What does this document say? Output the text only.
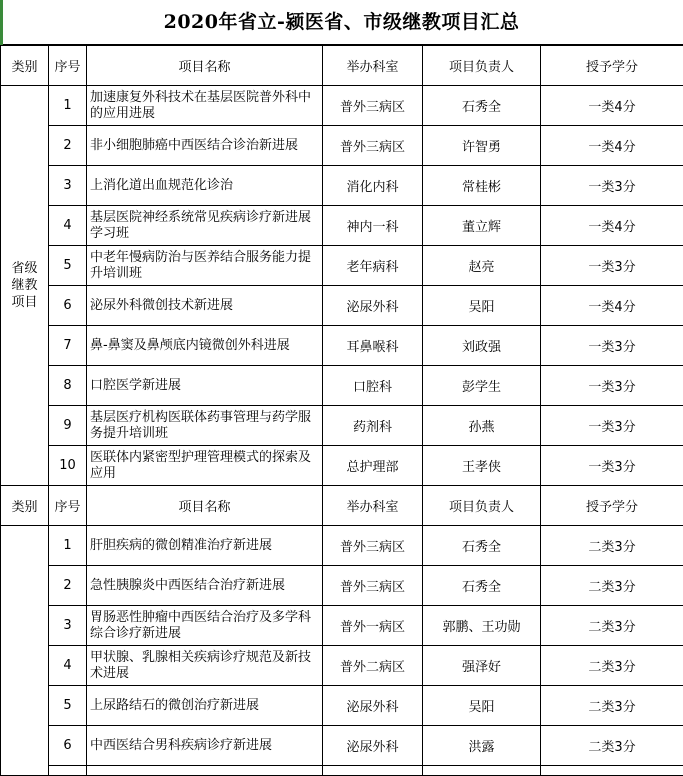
2020年省立-颍医省、市级继教项目汇总
类别	序号	项目名称	举办科室	项目负责人	授予学分
省级继教项目	1	加速康复外科技术在基层医院普外科中的应用进展	普外三病区	石秀全	一类4分
	2	非小细胞肺癌中西医结合诊治新进展	普外三病区	许智勇	一类4分
	3	上消化道出血规范化诊治	消化内科	常桂彬	一类3分
	4	基层医院神经系统常见疾病诊疗新进展学习班	神内一科	董立辉	一类4分
	5	中老年慢病防治与医养结合服务能力提升培训班	老年病科	赵亮	一类3分
	6	泌尿外科微创技术新进展	泌尿外科	吴阳	一类4分
	7	鼻-鼻窦及鼻颅底内镜微创外科进展	耳鼻喉科	刘政强	一类3分
	8	口腔医学新进展	口腔科	彭学生	一类3分
	9	基层医疗机构医联体药事管理与药学服务提升培训班	药剂科	孙燕	一类3分
	10	医联体内紧密型护理管理模式的探索及应用	总护理部	王孝侠	一类3分
类别	序号	项目名称	举办科室	项目负责人	授予学分
	1	肝胆疾病的微创精准治疗新进展	普外三病区	石秀全	二类3分
	2	急性胰腺炎中西医结合治疗新进展	普外三病区	石秀全	二类3分
	3	胃肠恶性肿瘤中西医结合治疗及多学科综合诊疗新进展	普外一病区	郭鹏、王功勋	二类3分
	4	甲状腺、乳腺相关疾病诊疗规范及新技术进展	普外二病区	强泽好	二类3分
	5	上尿路结石的微创治疗新进展	泌尿外科	吴阳	二类3分
	6	中西医结合男科疾病诊疗新进展	泌尿外科	洪露	二类3分
